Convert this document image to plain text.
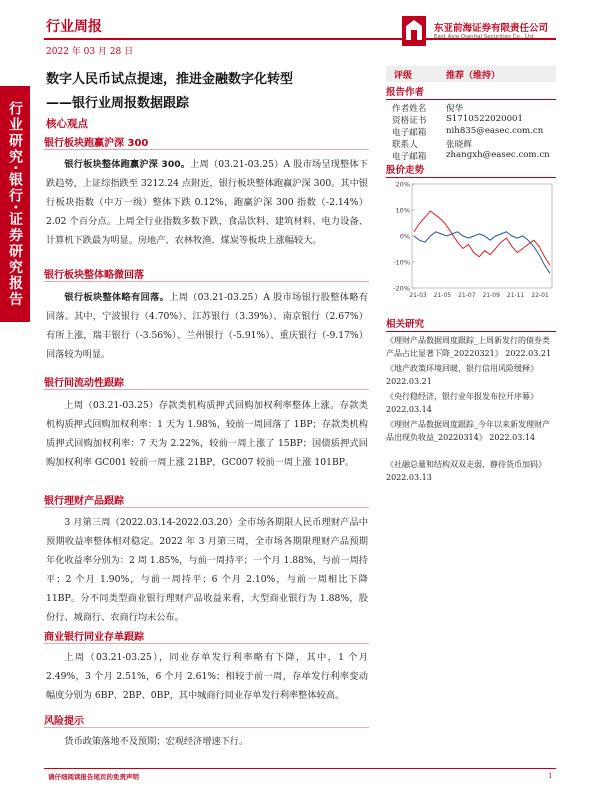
行业研究·银行·证券研究报告
行业周报
2022 年 03 月 28 日
东亚前海证券有限责任公司
East Asia Qianhai Securities Co., Ltd.
数字人民币试点提速，推进金融数字化转型
——银行业周报数据跟踪
核心观点
银行板块跑赢沪深 300
银行板块整体跑赢沪深 300。上周（03.21-03.25）A 股市场呈现整体下跌趋势，上证综指跌至 3212.24 点附近，银行板块整体跑赢沪深 300。其中银行板块指数（中万一级）整体下跌 0.12%，跑赢沪深 300 指数（-2.14%）2.02 个百分点。上周全行业指数多数下跌，食品饮料、建筑材料、电力设备、计算机下跌最为明显。房地产、农林牧渔、煤炭等板块上涨幅较大。
银行板块整体略微回落
银行板块整体略有回落。上周（03.21-03.25）A 股市场银行股整体略有回落。其中，宁波银行（4.70%）、江苏银行（3.39%）、南京银行（2.67%）有所上涨，瑞丰银行（-3.56%）、兰州银行（-5.91%）、重庆银行（-9.17%）回落较为明显。
银行间流动性跟踪
上周（03.21-03.25）存款类机构质押式回购加权利率整体上涨。存款类机构质押式回购加权利率：1 天为 1.98%，较前一周回落了 1BP；存款类机构质押式回购加权利率：7 天为 2.22%，较前一周上涨了 15BP；国债质押式回购加权利率 GC001 较前一周上涨 21BP，GC007 较前一周上涨 101BP。
银行理财产品跟踪
3 月第三周（2022.03.14-2022.03.20）全市场各期限人民币理财产品中预期收益率整体相对稳定。2022 年 3 月第三周，全市场各期限理财产品预期年化收益率分别为：2 周 1.85%，与前一周持平；一个月 1.88%，与前一周持平；2 个月 1.90%，与前一周持平；6 个月 2.10%，与前一周相比下降 11BP。分不同类型商业银行理财产品收益来看，大型商业银行为 1.88%，股份行、城商行、农商行均未公布。
商业银行同业存单跟踪
上周（03.21-03.25），同业存单发行利率略有下降，其中，1 个月 2.49%，3 个月 2.51%，6 个月 2.61%；相较于前一周，存单发行利率变动幅度分别为 6BP、2BP、0BP，其中城商行同业存单发行利率整体较高。
风险提示
货币政策落地不及预期；宏观经济增速下行。
评级	推荐（维持）
报告作者
作者姓名 倪华
资格证书 S1710522020001
电子邮箱 nih835@easec.com.cn
联系人	张晓辉
电子邮箱 zhangxh@easec.com.cn
股价走势
20%
10%
0%
-10%
-20%
21-03 21-05 21-07 21-09 21-11 22-01
相关研究
《理财产品数据周度跟踪_上周新发行的债券类产品占比显著下降_20220321》 2022.03.21
《地产政策环境回暖，银行信用风险缓释》 2022.03.21
《央行稳经济，银行业年报发布拉开序幕》 2022.03.14
《理财产品数据周度跟踪_今年以来新发理财产品出现负收益_20220314》 2022.03.14
《社融总量和结构双双走弱，静待货币加码》 2022.03.13
请仔细阅读报告尾页的免责声明	1
